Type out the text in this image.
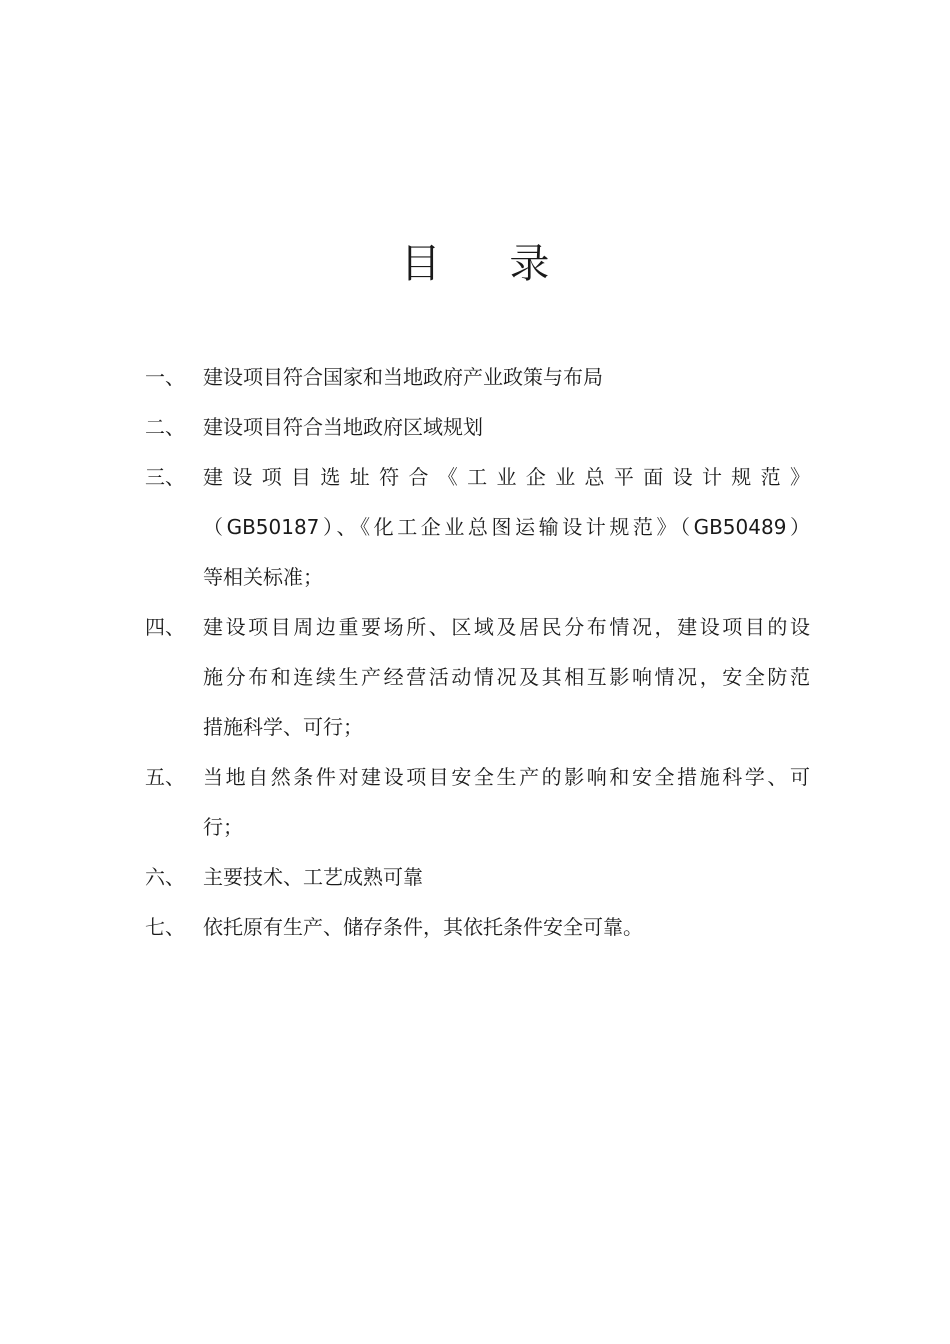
目 录
一、 建设项目符合国家和当地政府产业政策与布局
二、 建设项目符合当地政府区域规划
三、 建设项目选址符合《工业企业总平面设计规范》
（GB50187）、《化工企业总图运输设计规范》（GB50489）
等相关标准；
四、 建设项目周边重要场所、区域及居民分布情况，建设项目的设
施分布和连续生产经营活动情况及其相互影响情况，安全防范
措施科学、可行；
五、 当地自然条件对建设项目安全生产的影响和安全措施科学、可
行；
六、 主要技术、工艺成熟可靠
七、 依托原有生产、储存条件，其依托条件安全可靠。
